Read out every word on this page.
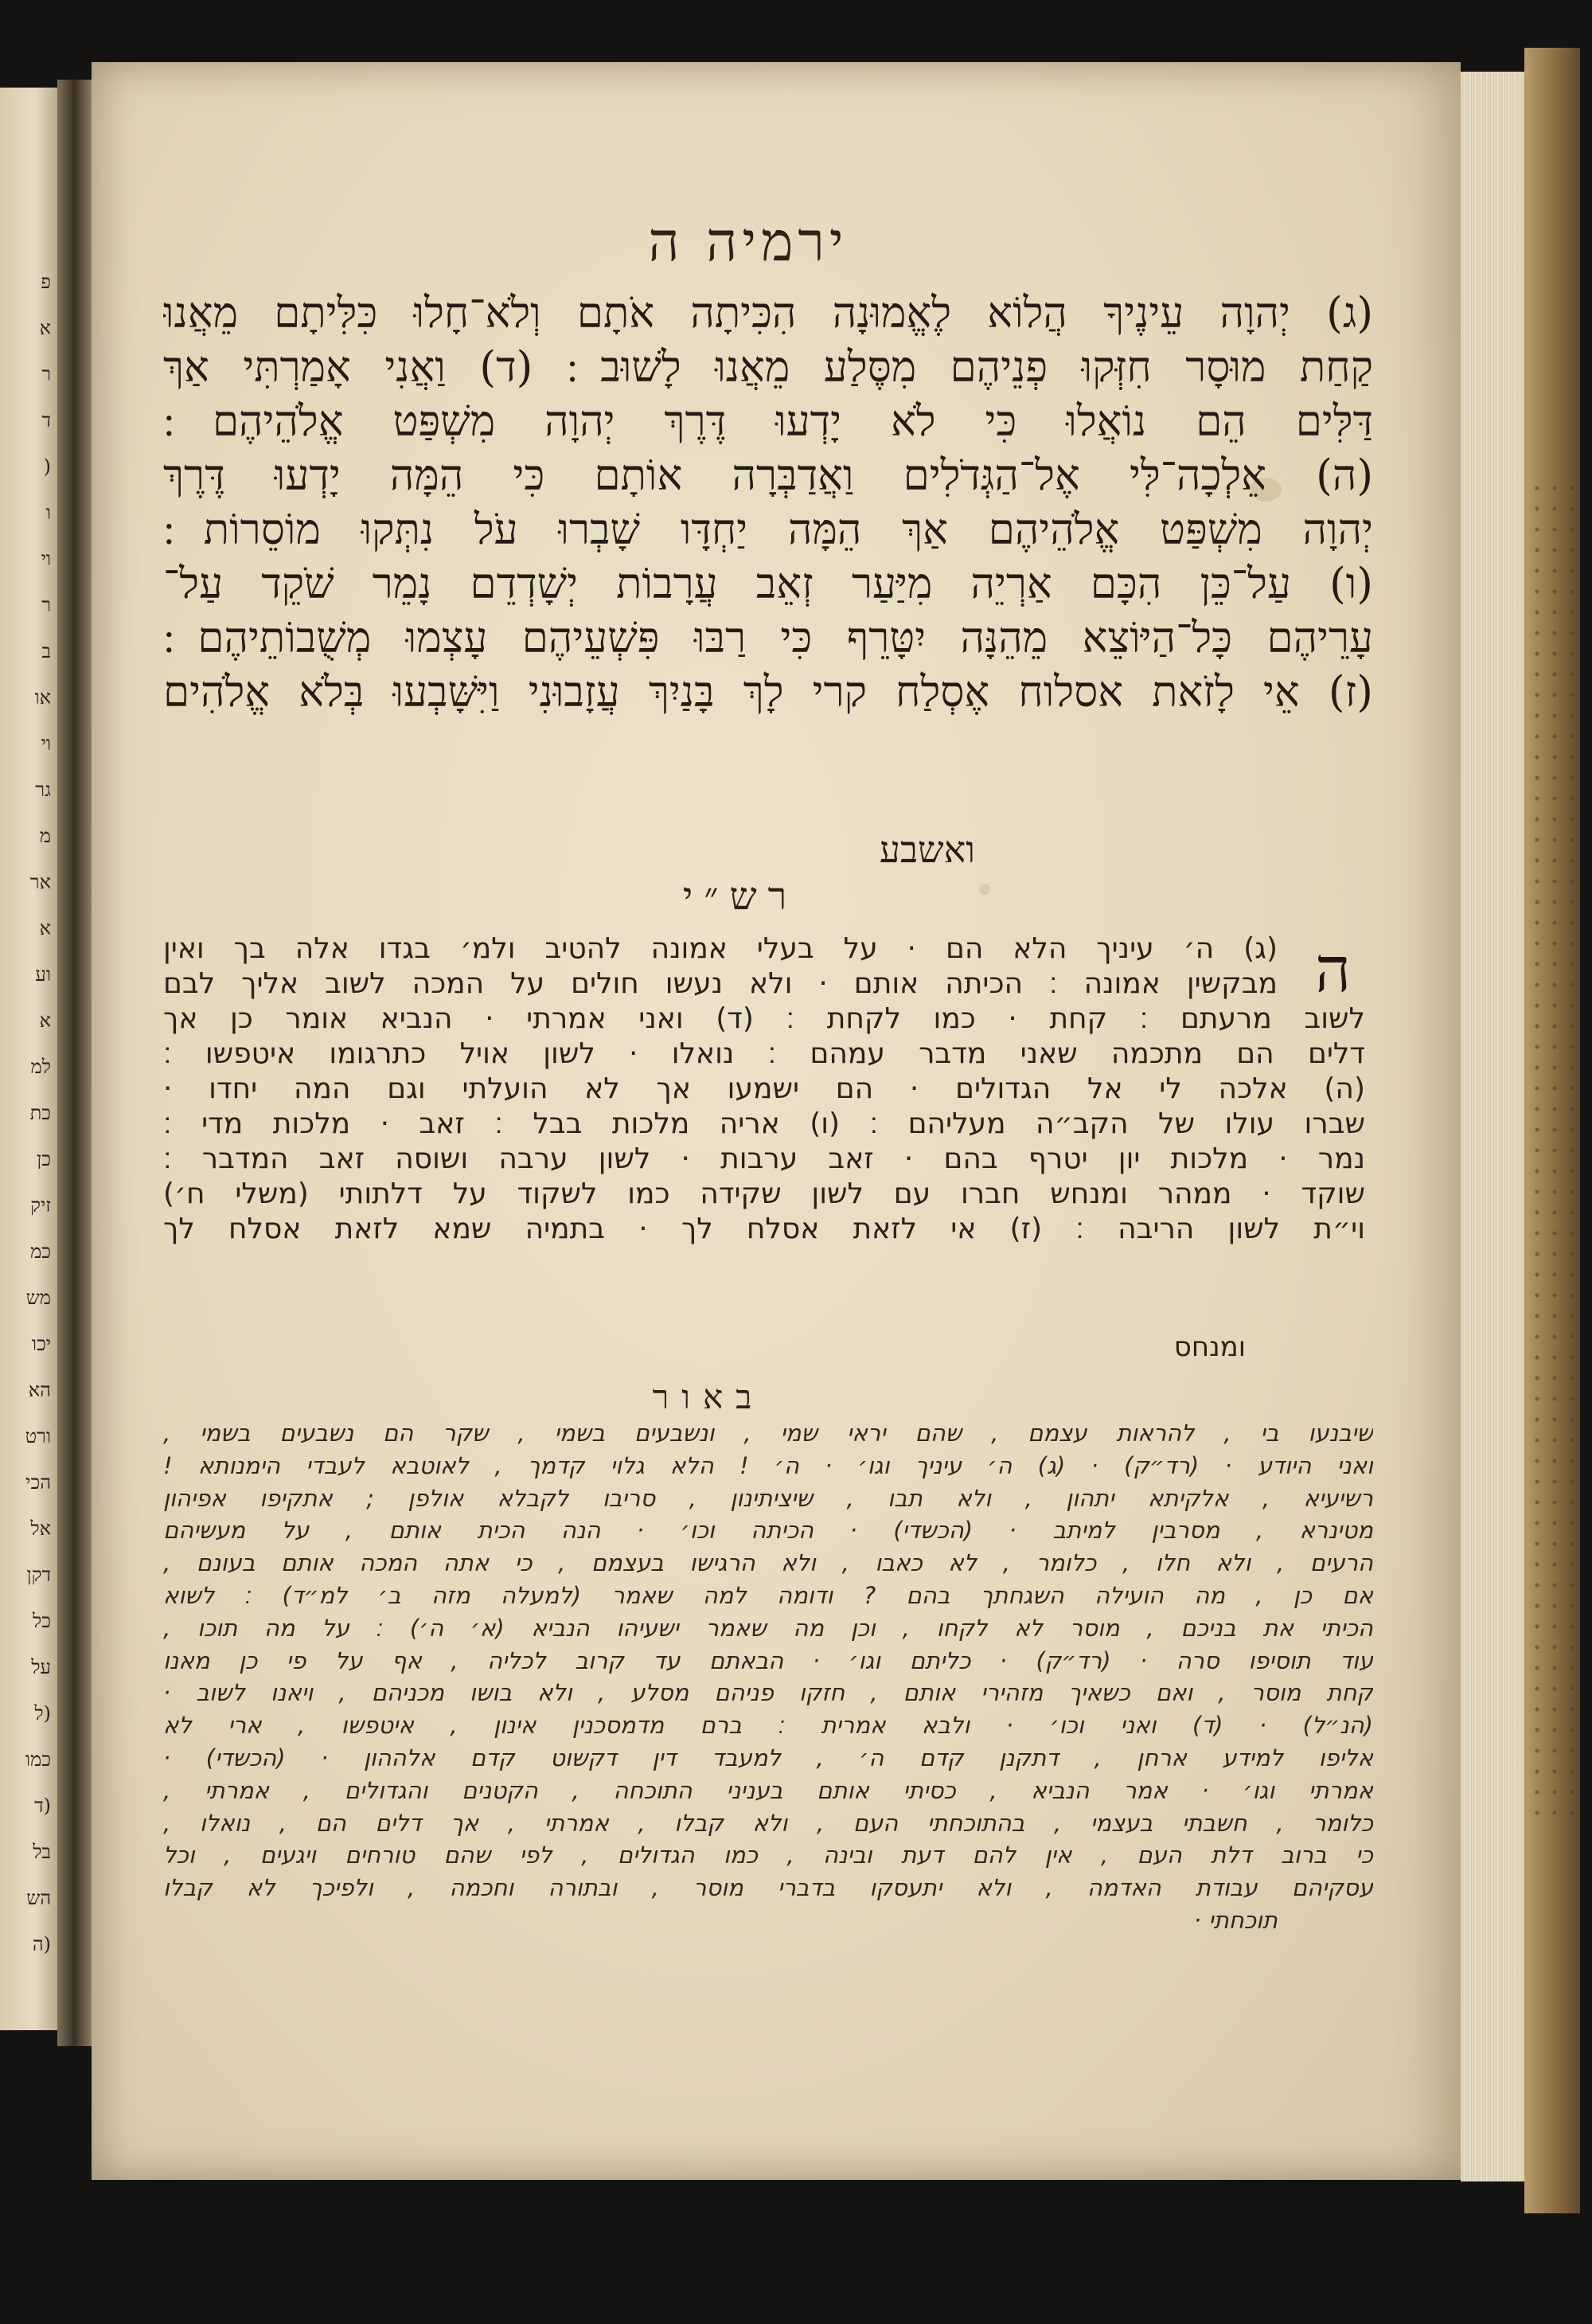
פ
א
ר
ד
(
ו
וי
ר
ב
או
וי
גר
מ
אר
א
וע
א
למ
כת
כן
זיק
כמ
מש
יכו
הא
ורט
הכי
אל
דקן
כל
על
(ל
כמו
(ד
בל
הש
(ה
ירמיה ה
(ג) יְהוָה עֵינֶיךָ הֲלוֹא לֶאֱמוּנָה הִכִּיתָה אֹתָם וְלֹא־חָלוּ כִּלִּיתָם מֵאֲנוּ
קַחַת מוּסָר חִזְּקוּ פְנֵיהֶם מִסֶּלַע מֵאֲנוּ לָשׁוּב ׃ (ד) וַאֲנִי אָמַרְתִּי אַךְ
דַּלִּים הֵם נוֹאֲלוּ כִּי לֹא יָדְעוּ דֶּרֶךְ יְהוָה מִשְׁפַּט אֱלֹהֵיהֶם ׃
(ה) אֵלְכָה־לִּי אֶל־הַגְּדֹלִים וַאֲדַבְּרָה אוֹתָם כִּי הֵמָּה יָדְעוּ דֶּרֶךְ
יְהוָה מִשְׁפַּט אֱלֹהֵיהֶם אַךְ הֵמָּה יַחְדָּו שָׁבְרוּ עֹל נִתְּקוּ מוֹסֵרוֹת ׃
(ו) עַל־כֵּן הִכָּם אַרְיֵה מִיַּעַר זְאֵב עֲרָבוֹת יְשָׁדְדֵם נָמֵר שֹׁקֵד עַל־
עָרֵיהֶם כָּל־הַיּוֹצֵא מֵהֵנָּה יִטָּרֵף כִּי רַבּוּ פִּשְׁעֵיהֶם עָצְמוּ מְשֻׁבוֹתֵיהֶם ׃
(ז) אֵי לָזֹאת אסלוח אֶסְלַח קרי לָךְ בָּנַיִךְ עֲזָבוּנִי וַיִּשָּׁבְעוּ בְּלֹא אֱלֹהִים
ואשבע
רש״י
ה
(ג) ה׳ עיניך הלא הם · על בעלי אמונה להטיב ולמ׳ בגדו אלה בך ואין
מבקשין אמונה ׃ הכיתה אותם · ולא נעשו חולים על המכה לשוב אליך לבם
לשוב מרעתם ׃ קחת · כמו לקחת ׃ (ד) ואני אמרתי · הנביא אומר כן אך
דלים הם מתכמה שאני מדבר עמהם ׃ נואלו · לשון אויל כתרגומו איטפשו ׃
(ה) אלכה לי אל הגדולים · הם ישמעו אך לא הועלתי וגם המה יחדו ·
שברו עולו של הקב״ה מעליהם ׃ (ו) אריה מלכות בבל ׃ זאב · מלכות מדי ׃
נמר · מלכות יון יטרף בהם · זאב ערבות · לשון ערבה ושוסה זאב המדבר ׃
שוקד · ממהר ומנחש חברו עם לשון שקידה כמו לשקוד על דלתותי (משלי ח׳)
וי״ת לשון הריבה ׃ (ז) אי לזאת אסלח לך · בתמיה שמא לזאת אסלח לך
ומנחס
באור
שיבנעו בי , להראות עצמם , שהם יראי שמי , ונשבעים בשמי , שקר הם נשבעים בשמי ,
ואני היודע · (רד״ק) · (ג) ה׳ עיניך וגו׳ · ה׳ ! הלא גלוי קדמך , לאוטבא לעבדי הימנותא !
רשיעיא , אלקיתא יתהון , ולא תבו , שיציתינון , סריבו לקבלא אולפן ; אתקיפו אפיהון
מטינרא , מסרבין למיתב · (הכשדי) · הכיתה וכו׳ · הנה הכית אותם , על מעשיהם
הרעים , ולא חלו , כלומר , לא כאבו , ולא הרגישו בעצמם , כי אתה המכה אותם בעונם ,
אם כן , מה הועילה השגחתך בהם ? ודומה למה שאמר (למעלה מזה ב׳ למ״ד) ׃ לשוא
הכיתי את בניכם , מוסר לא לקחו , וכן מה שאמר ישעיהו הנביא (א׳ ה׳) ׃ על מה תוכו ,
עוד תוסיפו סרה · (רד״ק) · כליתם וגו׳ · הבאתם עד קרוב לכליה , אף על פי כן מאנו
קחת מוסר , ואם כשאיך מזהירי אותם , חזקו פניהם מסלע , ולא בושו מכניהם , ויאנו לשוב ·
(הנ״ל) · (ד) ואני וכו׳ · ולבא אמרית ׃ ברם מדמסכנין אינון , איטפשו , ארי לא
אליפו למידע ארחן , דתקנן קדם ה׳ , למעבד דין דקשוט קדם אלההון · (הכשדי) ·
אמרתי וגו׳ · אמר הנביא , כסיתי אותם בעניני התוכחה , הקטנים והגדולים , אמרתי ,
כלומר , חשבתי בעצמי , בהתוכחתי העם , ולא קבלו , אמרתי , אך דלים הם , נואלו ,
כי ברוב דלת העם , אין להם דעת ובינה , כמו הגדולים , לפי שהם טורחים ויגעים , וכל
עסקיהם עבודת האדמה , ולא יתעסקו בדברי מוסר , ובתורה וחכמה , ולפיכך לא קבלו
תוכחתי ·
